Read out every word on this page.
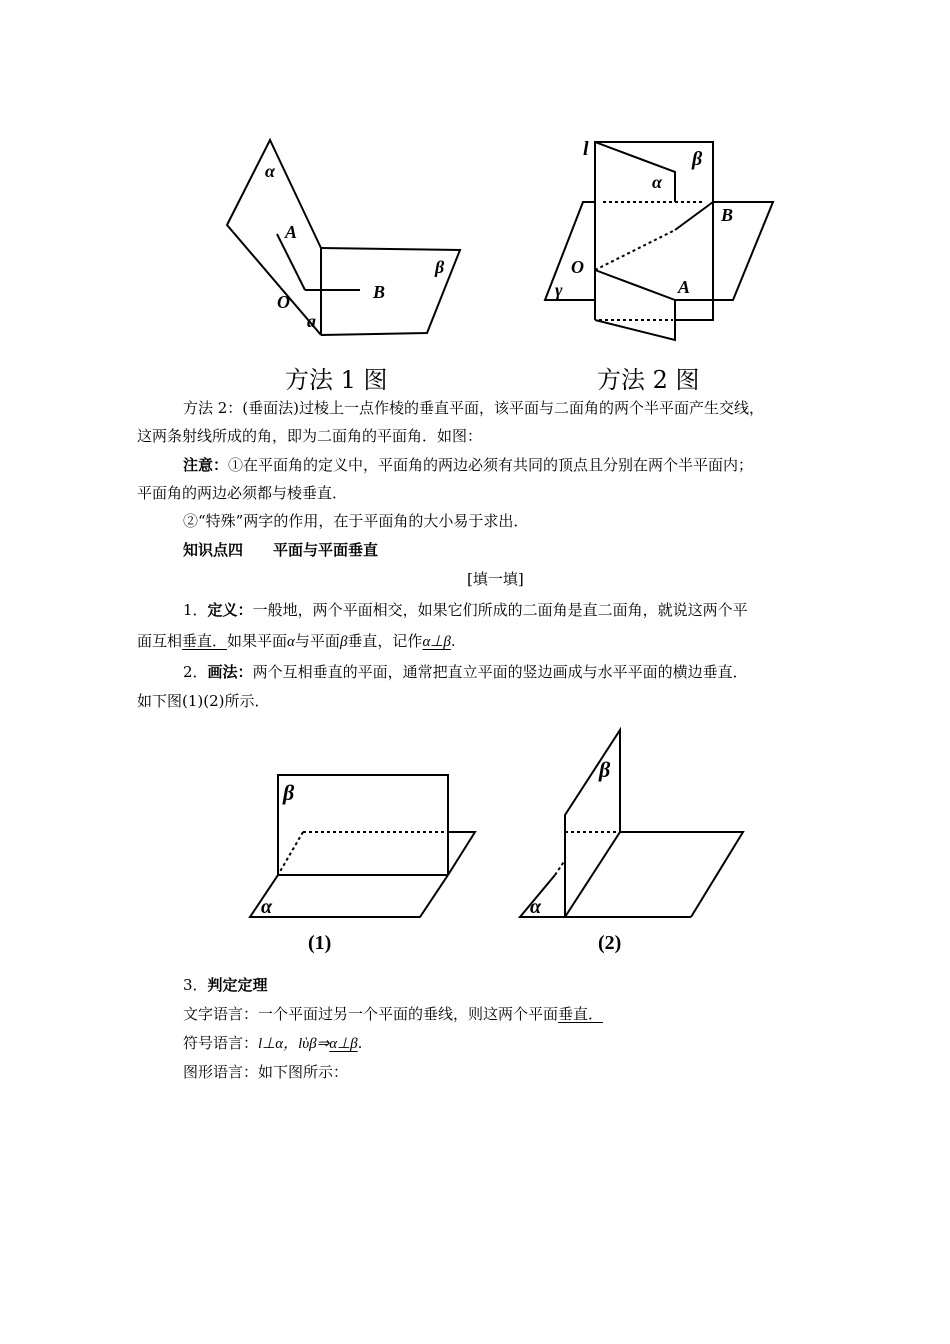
α
A
β
B
O
a
方法 1 图
l	β
α
B
O
γ	A
方法 2 图
方法 2：(垂面法)过棱上一点作棱的垂直平面，该平面与二面角的两个半平面产生交线，
这两条射线所成的角，即为二面角的平面角．如图：
注意：①在平面角的定义中，平面角的两边必须有共同的顶点且分别在两个半平面内；
平面角的两边必须都与棱垂直．
②“特殊”两字的作用，在于平面角的大小易于求出．
知识点四　　平面与平面垂直
[填一填]
1．定义：一般地，两个平面相交，如果它们所成的二面角是直二面角，就说这两个平
面互相垂直．如果平面α与平面β垂直，记作α⊥β.
2．画法：两个互相垂直的平面，通常把直立平面的竖边画成与水平平面的横边垂直．
如下图(1)(2)所示．
β
α
(1)
β
α
(2)
3．判定定理
文字语言：一个平面过另一个平面的垂线，则这两个平面垂直．
符号语言：l⊥α，lὺβ⇒α⊥β.
图形语言：如下图所示：
